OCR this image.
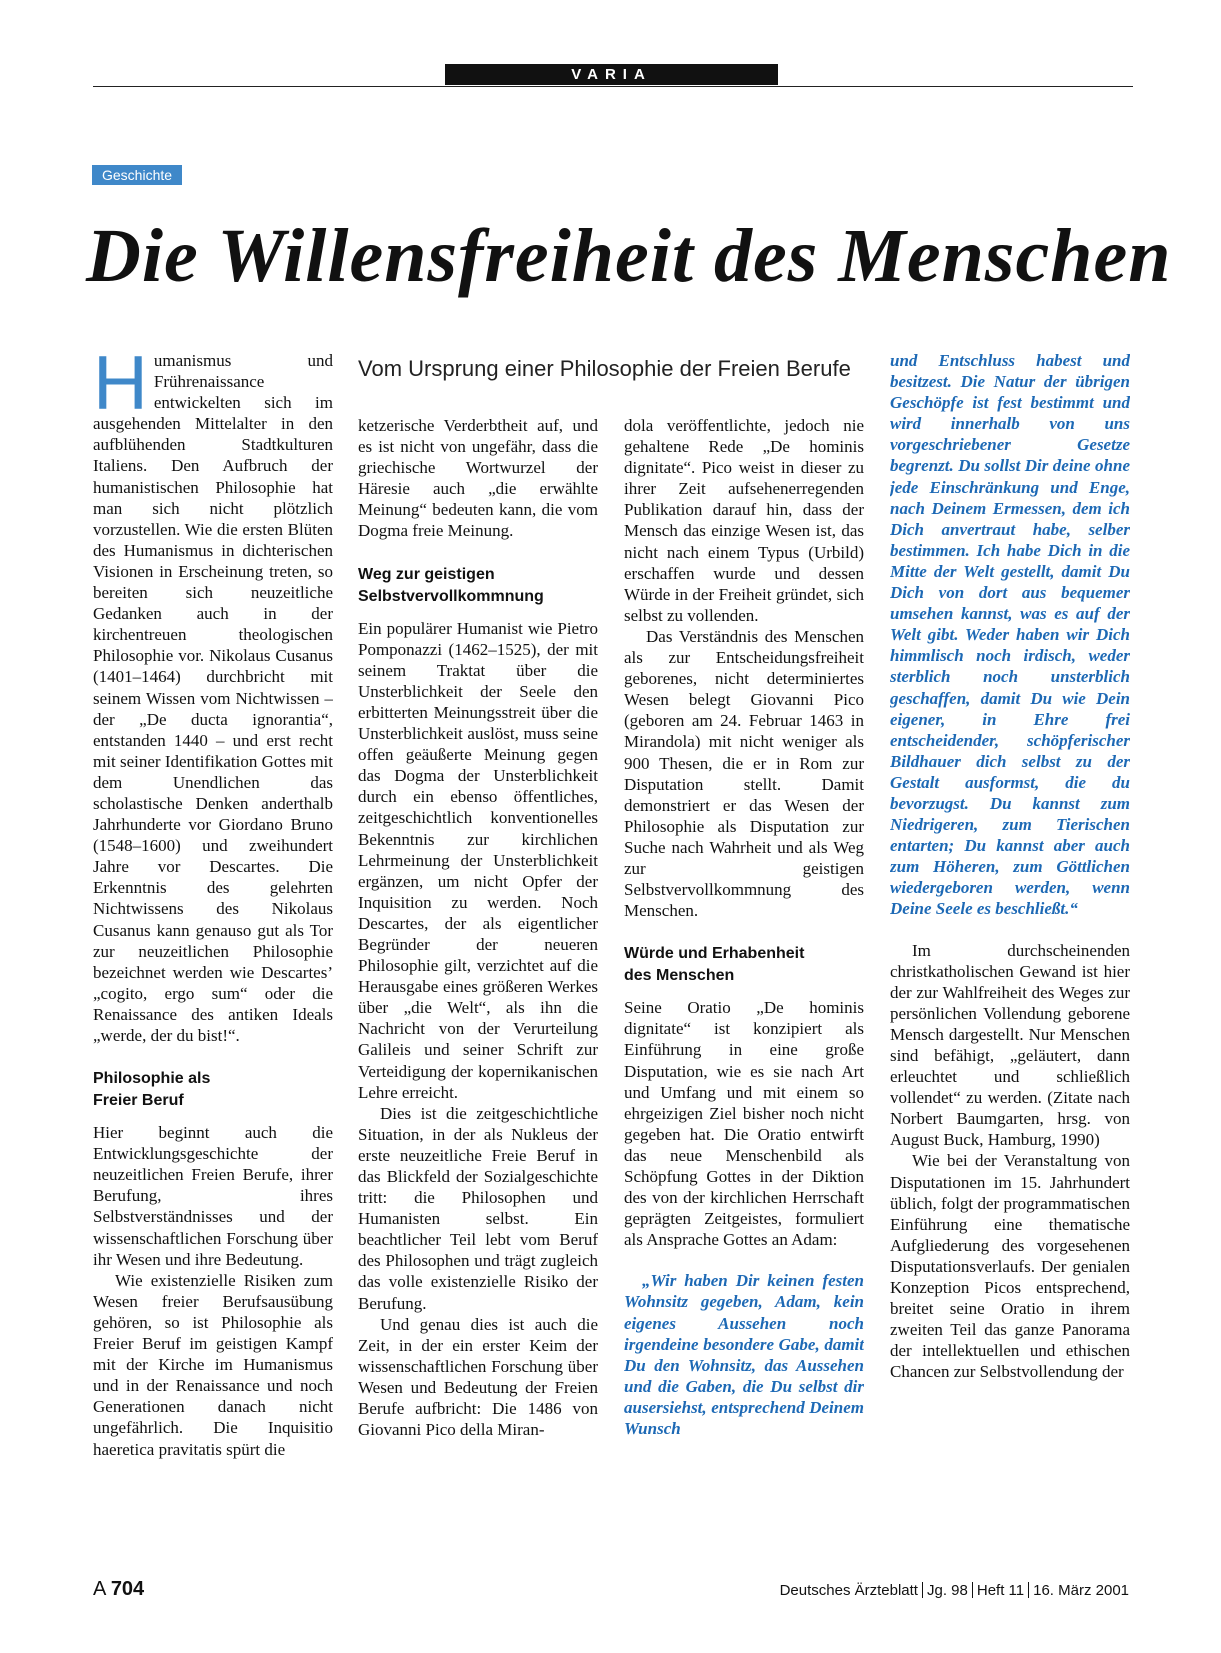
VARIA
Geschichte
Die Willensfreiheit des Menschen
Vom Ursprung einer Philosophie der Freien Berufe

Humanismus und Frührenaissance entwickelten sich im ausgehenden Mittelalter in den aufblühenden Stadtkulturen Italiens. Den Aufbruch der humanistischen Philosophie hat man sich nicht plötzlich vorzustellen. Wie die ersten Blüten des Humanismus in dichterischen Visionen in Erscheinung treten, so bereiten sich neuzeitliche Gedanken auch in der kirchentreuen theologischen Philosophie vor. Nikolaus Cusanus (1401–1464) durchbricht mit seinem Wissen vom Nichtwissen – der „De ducta ignorantia“, entstanden 1440 – und erst recht mit seiner Identifikation Gottes mit dem Unendlichen das scholastische Denken anderthalb Jahrhunderte vor Giordano Bruno (1548–1600) und zweihundert Jahre vor Descartes. Die Erkenntnis des gelehrten Nichtwissens des Nikolaus Cusanus kann genauso gut als Tor zur neuzeitlichen Philosophie bezeichnet werden wie Descartes’ „cogito, ergo sum“ oder die Renaissance des antiken Ideals „werde, der du bist!“.

Philosophie als
Freier Beruf

Hier beginnt auch die Entwicklungsgeschichte der neuzeitlichen Freien Berufe, ihrer Berufung, ihres Selbstverständnisses und der wissenschaftlichen Forschung über ihr Wesen und ihre Bedeutung.

Wie existenzielle Risiken zum Wesen freier Berufsausübung gehören, so ist Philosophie als Freier Beruf im geistigen Kampf mit der Kirche im Humanismus und in der Renaissance und noch Generationen danach nicht ungefährlich. Die Inquisitio haeretica pravitatis spürt die

ketzerische Verderbtheit auf, und es ist nicht von ungefähr, dass die griechische Wortwurzel der Häresie auch „die erwählte Meinung“ bedeuten kann, die vom Dogma freie Meinung.

Weg zur geistigen
Selbstvervollkommnung

Ein populärer Humanist wie Pietro Pomponazzi (1462–1525), der mit seinem Traktat über die Unsterblichkeit der Seele den erbitterten Meinungsstreit über die Unsterblichkeit auslöst, muss seine offen geäußerte Meinung gegen das Dogma der Unsterblichkeit durch ein ebenso öffentliches, zeitgeschichtlich konventionelles Bekenntnis zur kirchlichen Lehrmeinung der Unsterblichkeit ergänzen, um nicht Opfer der Inquisition zu werden. Noch Descartes, der als eigentlicher Begründer der neueren Philosophie gilt, verzichtet auf die Herausgabe eines größeren Werkes über „die Welt“, als ihn die Nachricht von der Verurteilung Galileis und seiner Schrift zur Verteidigung der kopernikanischen Lehre erreicht.

Dies ist die zeitgeschichtliche Situation, in der als Nukleus der erste neuzeitliche Freie Beruf in das Blickfeld der Sozialgeschichte tritt: die Philosophen und Humanisten selbst. Ein beachtlicher Teil lebt vom Beruf des Philosophen und trägt zugleich das volle existenzielle Risiko der Berufung.

Und genau dies ist auch die Zeit, in der ein erster Keim der wissenschaftlichen Forschung über Wesen und Bedeutung der Freien Berufe aufbricht: Die 1486 von Giovanni Pico della Miran-

dola veröffentlichte, jedoch nie gehaltene Rede „De hominis dignitate“. Pico weist in dieser zu ihrer Zeit aufsehenerregenden Publikation darauf hin, dass der Mensch das einzige Wesen ist, das nicht nach einem Typus (Urbild) erschaffen wurde und dessen Würde in der Freiheit gründet, sich selbst zu vollenden.

Das Verständnis des Menschen als zur Entscheidungsfreiheit geborenes, nicht determiniertes Wesen belegt Giovanni Pico (geboren am 24. Februar 1463 in Mirandola) mit nicht weniger als 900 Thesen, die er in Rom zur Disputation stellt. Damit demonstriert er das Wesen der Philosophie als Disputation zur Suche nach Wahrheit und als Weg zur geistigen Selbstvervollkommnung des Menschen.

Würde und Erhabenheit
des Menschen

Seine Oratio „De hominis dignitate“ ist konzipiert als Einführung in eine große Disputation, wie es sie nach Art und Umfang und mit einem so ehrgeizigen Ziel bisher noch nicht gegeben hat. Die Oratio entwirft das neue Menschenbild als Schöpfung Gottes in der Diktion des von der kirchlichen Herrschaft geprägten Zeitgeistes, formuliert als Ansprache Gottes an Adam:

„Wir haben Dir keinen festen Wohnsitz gegeben, Adam, kein eigenes Aussehen noch irgendeine besondere Gabe, damit Du den Wohnsitz, das Aussehen und die Gaben, die Du selbst dir ausersiehst, entsprechend Deinem Wunsch

und Entschluss habest und besitzest. Die Natur der übrigen Geschöpfe ist fest bestimmt und wird innerhalb von uns vorgeschriebener Gesetze begrenzt. Du sollst Dir deine ohne jede Einschränkung und Enge, nach Deinem Ermessen, dem ich Dich anvertraut habe, selber bestimmen. Ich habe Dich in die Mitte der Welt gestellt, damit Du Dich von dort aus bequemer umsehen kannst, was es auf der Welt gibt. Weder haben wir Dich himmlisch noch irdisch, weder sterblich noch unsterblich geschaffen, damit Du wie Dein eigener, in Ehre frei entscheidender, schöpferischer Bildhauer dich selbst zu der Gestalt ausformst, die du bevorzugst. Du kannst zum Niedrigeren, zum Tierischen entarten; Du kannst aber auch zum Höheren, zum Göttlichen wiedergeboren werden, wenn Deine Seele es beschließt.“

Im durchscheinenden christkatholischen Gewand ist hier der zur Wahlfreiheit des Weges zur persönlichen Vollendung geborene Mensch dargestellt. Nur Menschen sind befähigt, „geläutert, dann erleuchtet und schließlich vollendet“ zu werden. (Zitate nach Norbert Baumgarten, hrsg. von August Buck, Hamburg, 1990)

Wie bei der Veranstaltung von Disputationen im 15. Jahrhundert üblich, folgt der programmatischen Einführung eine thematische Aufgliederung des vorgesehenen Disputationsverlaufs. Der genialen Konzeption Picos entsprechend, breitet seine Oratio in ihrem zweiten Teil das ganze Panorama der intellektuellen und ethischen Chancen zur Selbstvollendung der

A 704	Deutsches Ärzteblatt Jg. 98 Heft 11 16. März 2001
